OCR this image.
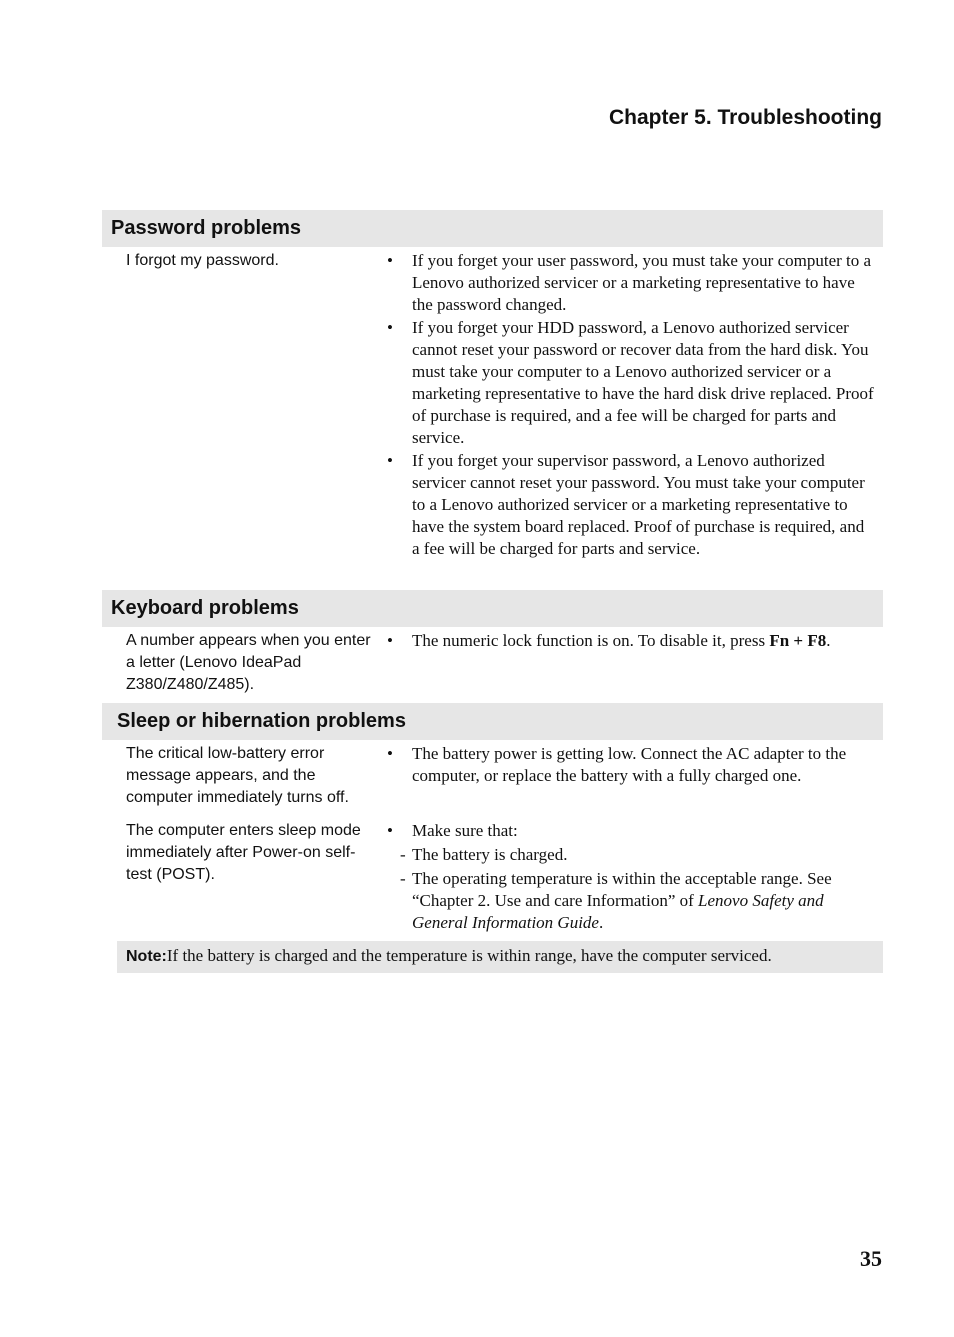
Chapter 5. Troubleshooting
Password problems
I forgot my password.
•	If you forget your user password, you must take your computer to a Lenovo authorized servicer or a marketing representative to have the password changed.
• If you forget your HDD password, a Lenovo authorized servicer cannot reset your password or recover data from the hard disk. You must take your computer to a Lenovo authorized servicer or a marketing representative to have the hard disk drive replaced. Proof of purchase is required, and a fee will be charged for parts and service.
• If you forget your supervisor password, a Lenovo authorized servicer cannot reset your password. You must take your computer to a Lenovo authorized servicer or a marketing representative to have the system board replaced. Proof of purchase is required, and a fee will be charged for parts and service.
Keyboard problems
A number appears when you enter a letter (Lenovo IdeaPad Z380/Z480/Z485).
• The numeric lock function is on. To disable it, press Fn + F8.
Sleep or hibernation problems
The critical low-battery error message appears, and the computer immediately turns off.
• The battery power is getting low. Connect the AC adapter to the computer, or replace the battery with a fully charged one.
The computer enters sleep mode immediately after Power-on self-test (POST).
• Make sure that:
- The battery is charged.
- The operating temperature is within the acceptable range. See “Chapter 2. Use and care Information” of Lenovo Safety and General Information Guide.
Note:If the battery is charged and the temperature is within range, have the computer serviced.
35
